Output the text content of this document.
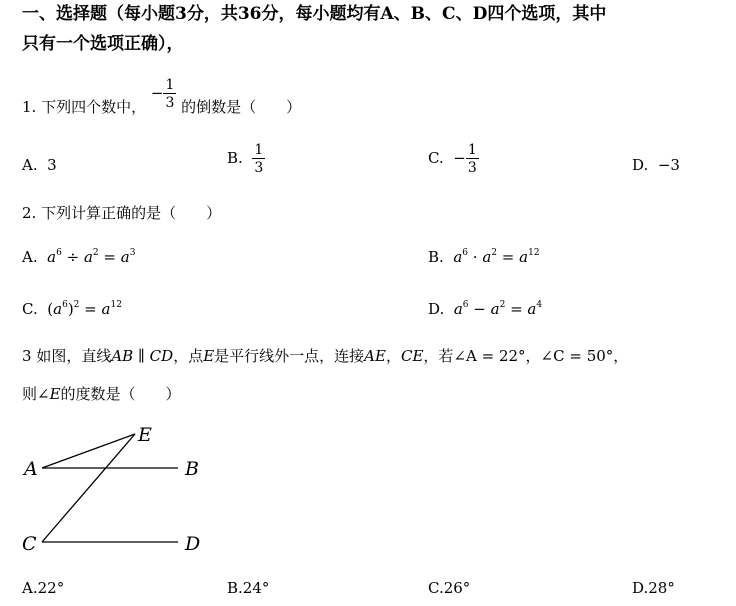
一、选择题（每小题3分，共36分，每小题均有A、B、C、D四个选项，其中
只有一个选项正确），
1. 下列四个数中， − $\frac{1}{3}$ 的倒数是（　　）
A. 3	B. $\frac{1}{3}$	C. − $\frac{1}{3}$	D. −3
2. 下列计算正确的是（　　）
A. $a^6 \div a^2 = a^3$	B. $a^6 \cdot a^2 = a^{12}$
C. $(a^6)^2 = a^{12}$	D. $a^6 - a^2 = a^4$
3 如图，直线AB ∥ CD，点E是平行线外一点，连接AE，CE，若∠A = 22°，∠C = 50°，
则∠E的度数是（　　）
E
A	B
C	D
A.22°	B.24°	C.26°	D.28°
